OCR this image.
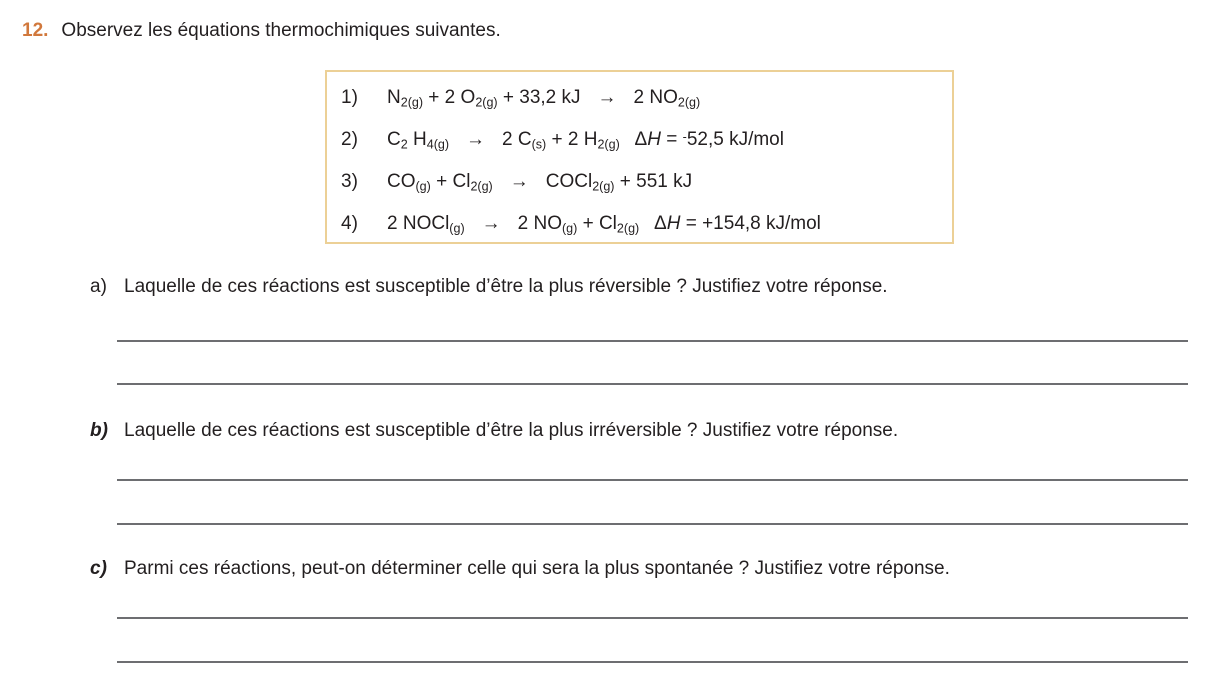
12. Observez les équations thermochimiques suivantes.
1)	$N_{2(g)} + 2$ $O_{2(g)} + 33,2$ kJ → 2 $NO_{2(g)}$
2)	$C_2$ $H_{4(g)} \to 2$ $C_{(s)} + 2$ $H_{2(g)}$  ΔH = -52,5 kJ/mol
3)	$CO_{(g)} + Cl_{2(g)}$ → COCl$_{2(g)}$ + 551 kJ
4)	2 NOCl$_{(g)}$ → 2 $NO_{(g)} + Cl_{2(g)}$  ΔH = +154,8 kJ/mol
a) Laquelle de ces réactions est susceptible d’être la plus réversible ? Justifiez votre réponse.
b) Laquelle de ces réactions est susceptible d’être la plus irréversible ? Justifiez votre réponse.
c) Parmi ces réactions, peut-on déterminer celle qui sera la plus spontanée ? Justifiez votre réponse.
